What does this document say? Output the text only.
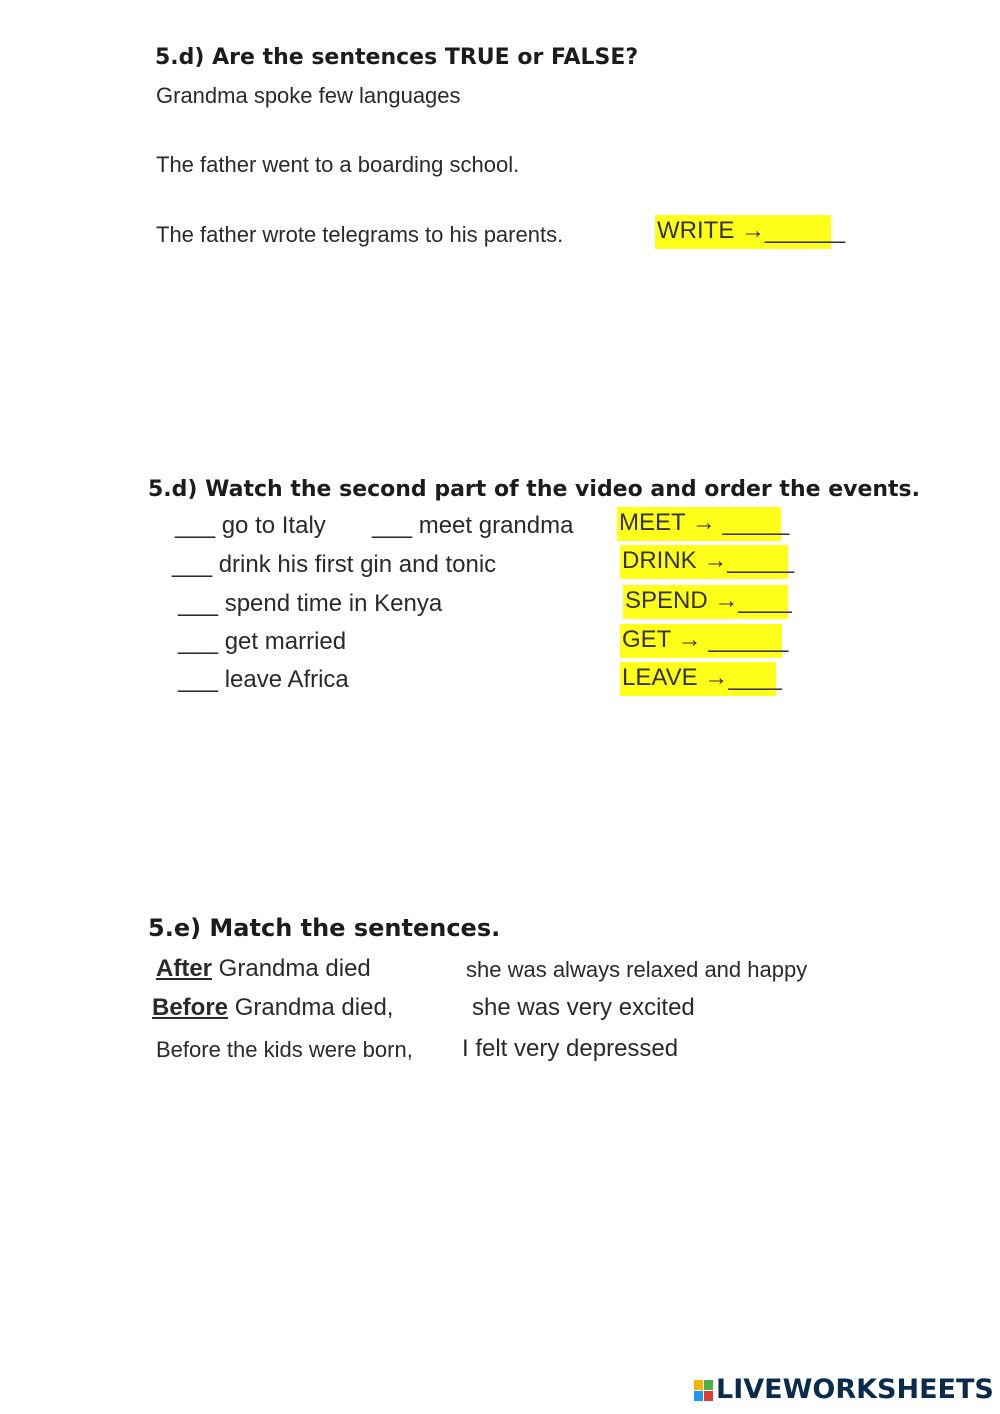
5.d) Are the sentences TRUE or FALSE?
Grandma spoke few languages
The father went to a boarding school.
The father wrote telegrams to his parents.	WRITE →______
5.d) Watch the second part of the video and order the events.
___ go to Italy ___ meet grandma
___ drink his first gin and tonic
___ spend time in Kenya
___ get married
___ leave Africa
MEET → _____
DRINK →_____
SPEND →____
GET → ______
LEAVE →____
5.e) Match the sentences.
After Grandma died
Before Grandma died,
Before the kids were born,
she was always relaxed and happy
she was very excited
I felt very depressed
LIVEWORKSHEETS
